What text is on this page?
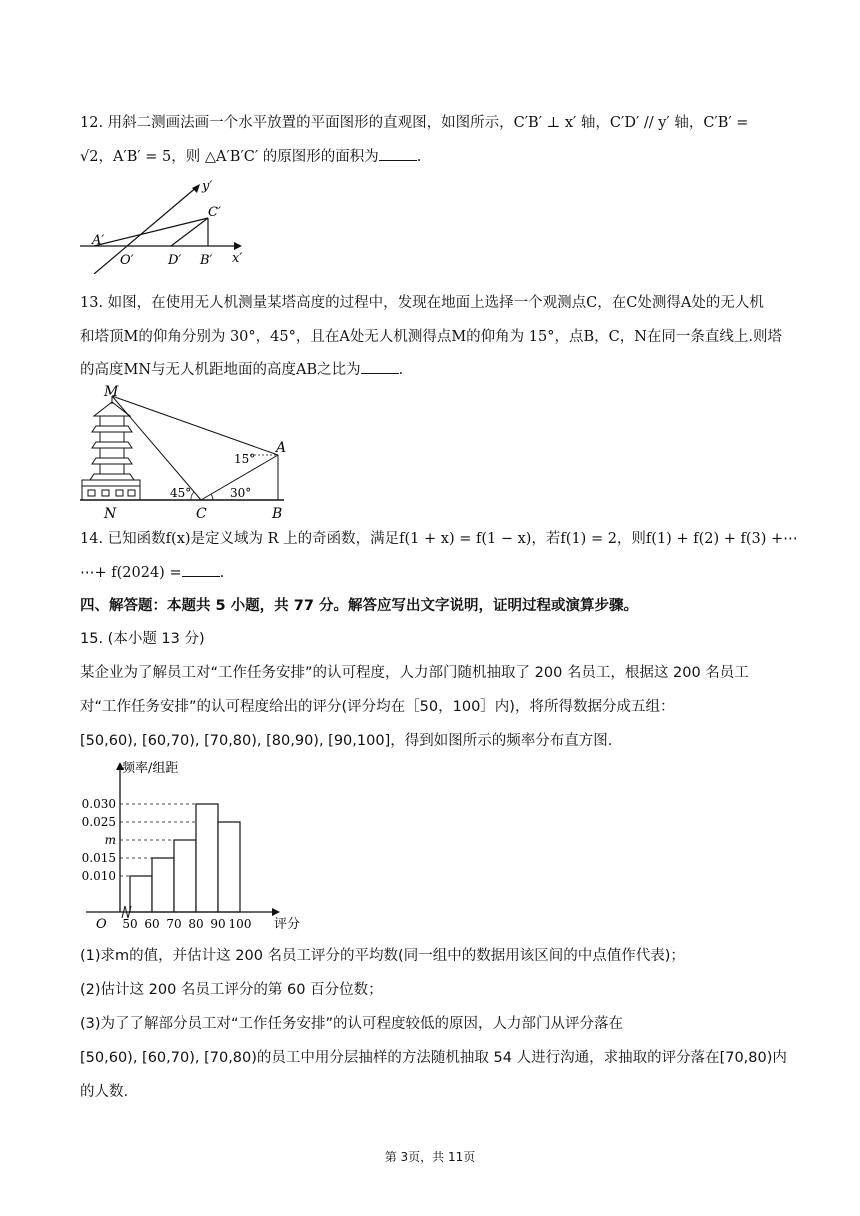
12. 用斜二测画法画一个水平放置的平面图形的直观图，如图所示，C′B′ ⊥ x′ 轴，C′D′ // y′ 轴，C′B′ =
√2，A′B′ = 5，则 △A′B′C′ 的原图形的面积为	.
y′
x′
A′
O′	D′ B′
C′
13. 如图，在使用无人机测量某塔高度的过程中，发现在地面上选择一个观测点C，在C处测得A处的无人机
和塔顶M的仰角分别为 30°，45°，且在A处无人机测得点M的仰角为 15°，点B，C，N在同一条直线上.则塔
的高度MN与无人机距地面的高度AB之比为	.
M
A
N	C	B
15°
45°	30°
14. 已知函数f(x)是定义域为 R 上的奇函数，满足f(1 + x) = f(1 − x)，若f(1) = 2，则f(1) + f(2) + f(3) +⋯
⋯+ f(2024) =	.
四、解答题：本题共 5 小题，共 77 分。解答应写出文字说明，证明过程或演算步骤。
15. (本小题 13 分)
某企业为了解员工对“工作任务安排”的认可程度，人力部门随机抽取了 200 名员工，根据这 200 名员工
对“工作任务安排”的认可程度给出的评分(评分均在［50，100］内)，将所得数据分成五组：
[50,60), [60,70), [70,80), [80,90), [90,100]，得到如图所示的频率分布直方图.
0.010
0.015
m
0.025
0.030
50 60 70 80 90 100
O	评分
频率/组距
(1)求m的值，并估计这 200 名员工评分的平均数(同一组中的数据用该区间的中点值作代表)；
(2)估计这 200 名员工评分的第 60 百分位数；
(3)为了了解部分员工对“工作任务安排”的认可程度较低的原因，人力部门从评分落在
[50,60), [60,70), [70,80)的员工中用分层抽样的方法随机抽取 54 人进行沟通，求抽取的评分落在[70,80)内
的人数.
第 3页，共 11页
